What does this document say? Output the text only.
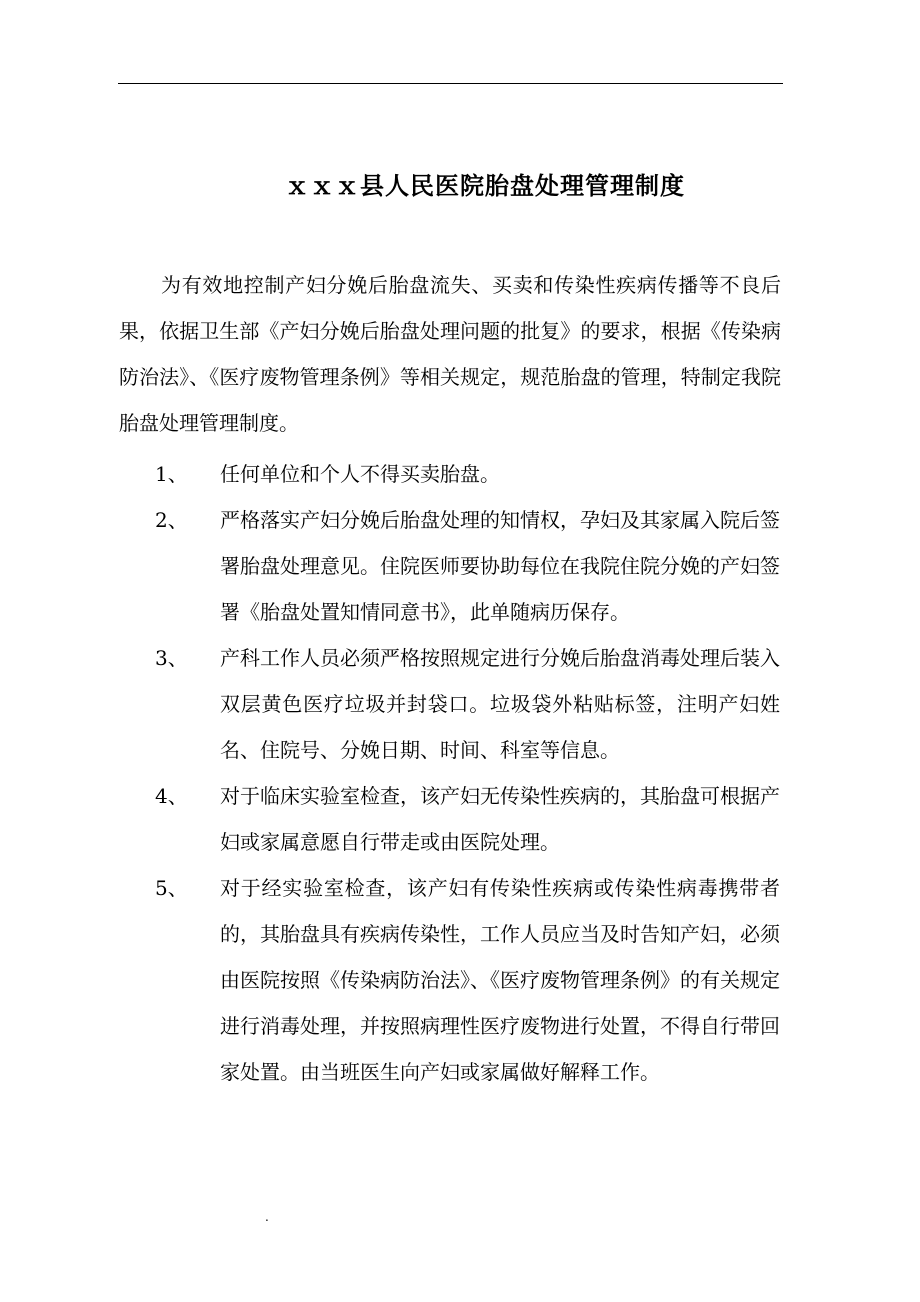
ｘｘｘ县人民医院胎盘处理管理制度

为有效地控制产妇分娩后胎盘流失、买卖和传染性疾病传播等不良后果，依据卫生部《产妇分娩后胎盘处理问题的批复》的要求，根据《传染病防治法》、《医疗废物管理条例》等相关规定，规范胎盘的管理，特制定我院胎盘处理管理制度。

1、 任何单位和个人不得买卖胎盘。

2、 严格落实产妇分娩后胎盘处理的知情权，孕妇及其家属入院后签署胎盘处理意见。住院医师要协助每位在我院住院分娩的产妇签署《胎盘处置知情同意书》，此单随病历保存。

3、 产科工作人员必须严格按照规定进行分娩后胎盘消毒处理后装入双层黄色医疗垃圾并封袋口。垃圾袋外粘贴标签，注明产妇姓名、住院号、分娩日期、时间、科室等信息。

4、 对于临床实验室检查，该产妇无传染性疾病的，其胎盘可根据产妇或家属意愿自行带走或由医院处理。

5、 对于经实验室检查，该产妇有传染性疾病或传染性病毒携带者的，其胎盘具有疾病传染性，工作人员应当及时告知产妇，必须由医院按照《传染病防治法》、《医疗废物管理条例》的有关规定进行消毒处理，并按照病理性医疗废物进行处置，不得自行带回家处置。由当班医生向产妇或家属做好解释工作。

.
